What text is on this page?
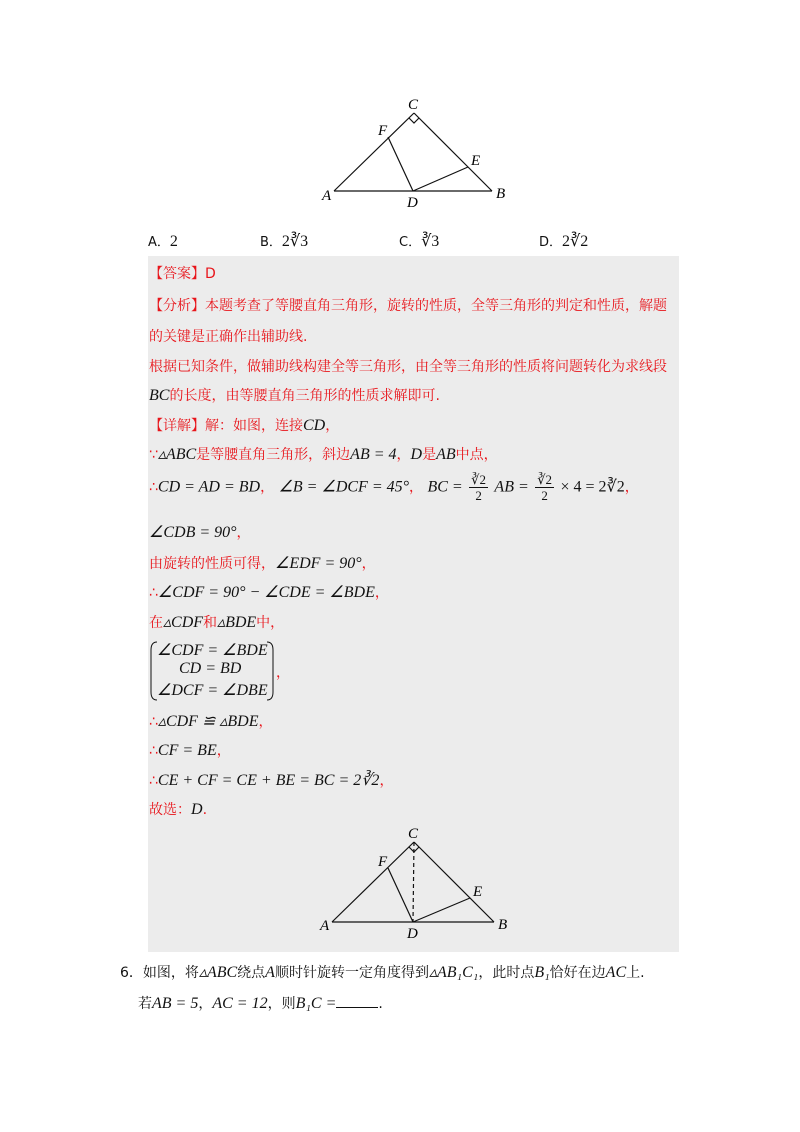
C
F
E
A	D
B
A．2	B．2∛3	C．∛3	D．2∛2
【答案】D
【分析】本题考查了等腰直角三角形，旋转的性质，全等三角形的判定和性质，解题
的关键是正确作出辅助线.
根据已知条件，做辅助线构建全等三角形，由全等三角形的性质将问题转化为求线段
BC的长度，由等腰直角三角形的性质求解即可.
【详解】解：如图，连接CD，
∵▵ABC是等腰直角三角形，斜边AB = 4，D是AB中点，
∴CD = AD = BD， ∠B = ∠DCF = 45°， BC = $\frac{∛2}{2}$ AB = $\frac{∛2}{2} \times 4$ = 2∛2，
∠CDB = 90°，
由旋转的性质可得，∠EDF = 90°，
∴∠CDF = 90° − ∠CDE = ∠BDE，
在▵CDF和▵BDE中，
∠CDF = ∠BDE
CD = BD
∠DCF = ∠DBE
，
∴▵CDF ≌ ▵BDE，
∴CF = BE，
∴CE + CF = CE + BE = BC = 2∛2，
故选：D.
C
F
E
A	D
B
6．如图，将▵ABC绕点A顺时针旋转一定角度得到▵AB₁C₁，此时点B₁恰好在边AC上.
若AB = 5，AC = 12，则B₁C =	.
